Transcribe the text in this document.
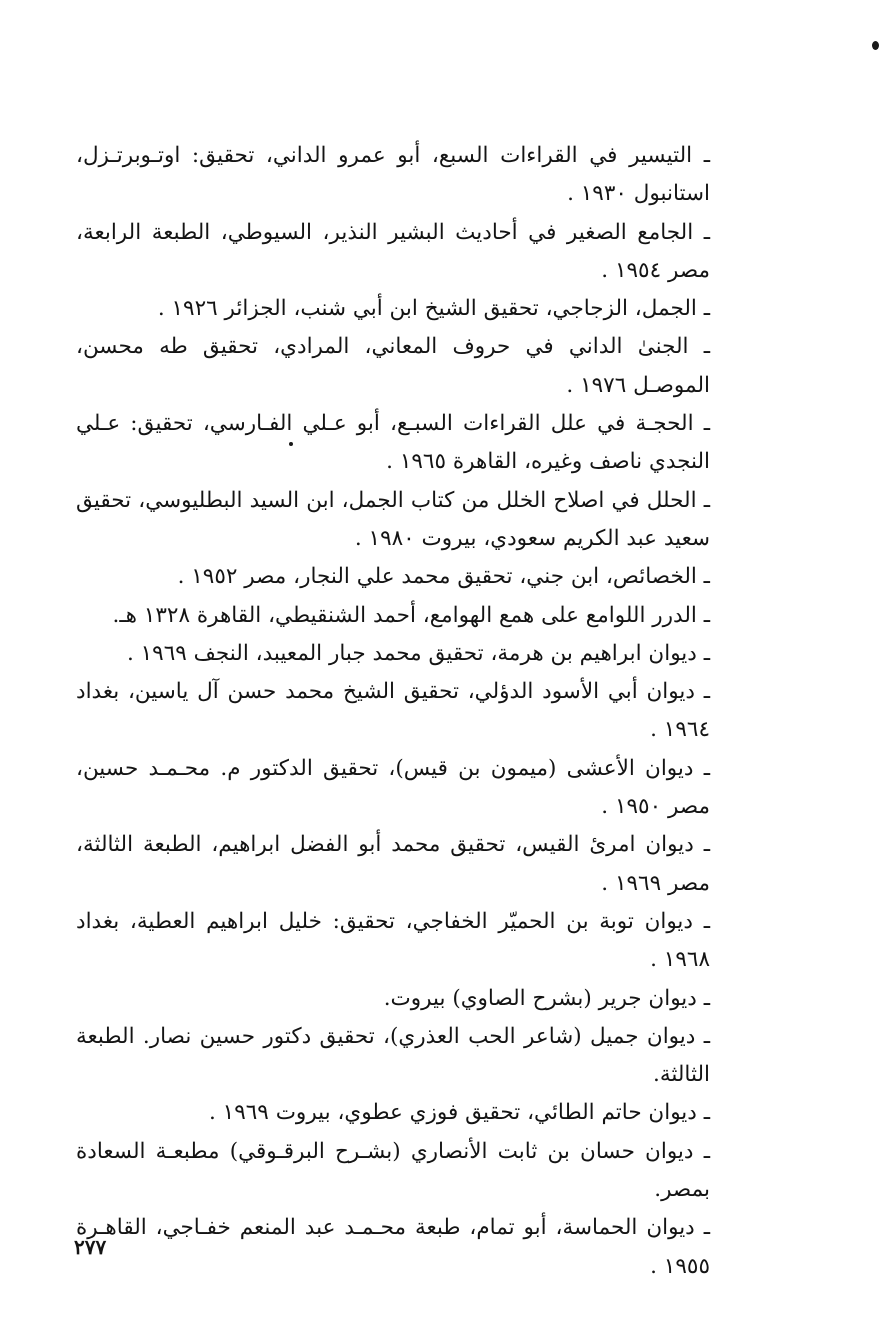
ـ التيسير في القراءات السبع، أبو عمرو الداني، تحقيق: اوتـوبرتـزل، استانبول ١٩٣٠ .

ـ الجامع الصغير في أحاديث البشير النذير، السيوطي، الطبعة الرابعة، مصر ١٩٥٤ .

ـ الجمل، الزجاجي، تحقيق الشيخ ابن أبي شنب، الجزائر ١٩٢٦ .

ـ الجنىٰ الداني في حروف المعاني، المرادي، تحقيق طه محسن، الموصـل ١٩٧٦ .

ـ الحجـة في علل القراءات السبـع، أبو عـلي الفـارسي، تحقيق: عـلي النجدي ناصف وغيره، القاهرة ١٩٦٥ .

ـ الحلل في اصلاح الخلل من كتاب الجمل، ابن السيد البطليوسي، تحقيق سعيد عبد الكريم سعودي، بيروت ١٩٨٠ .

ـ الخصائص، ابن جني، تحقيق محمد علي النجار، مصر ١٩٥٢ .

ـ الدرر اللوامع على همع الهوامع، أحمد الشنقيطي، القاهرة ١٣٢٨ هـ.

ـ ديوان ابراهيم بن هرمة، تحقيق محمد جبار المعيبد، النجف ١٩٦٩ .

ـ ديوان أبي الأسود الدؤلي، تحقيق الشيخ محمد حسن آل ياسين، بغداد ١٩٦٤ .

ـ ديوان الأعشى (ميمون بن قيس)، تحقيق الدكتور م. محـمـد حسين، مصر ١٩٥٠ .

ـ ديوان امرئ القيس، تحقيق محمد أبو الفضل ابراهيم، الطبعة الثالثة، مصر ١٩٦٩ .

ـ ديوان توبة بن الحميّر الخفاجي، تحقيق: خليل ابراهيم العطية، بغداد ١٩٦٨ .

ـ ديوان جرير (بشرح الصاوي) بيروت.

ـ ديوان جميل (شاعر الحب العذري)، تحقيق دكتور حسين نصار. الطبعة الثالثة.

ـ ديوان حاتم الطائي، تحقيق فوزي عطوي، بيروت ١٩٦٩ .

ـ ديوان حسان بن ثابت الأنصاري (بشـرح البرقـوقي) مطبعـة السعادة بمصر.

ـ ديوان الحماسة، أبو تمام، طبعة محـمـد عبد المنعم خفـاجي، القاهـرة ١٩٥٥ .

٢٧٧
